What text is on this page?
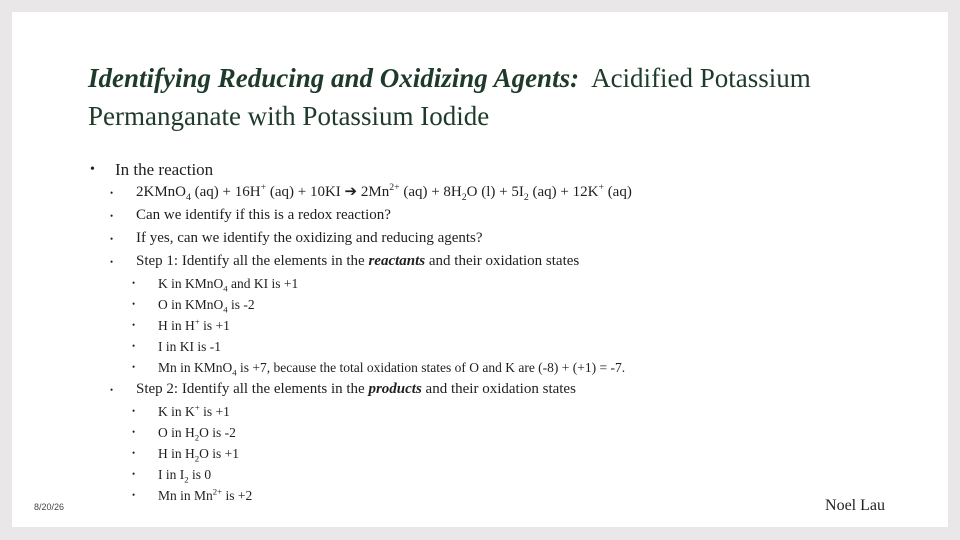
Identifying Reducing and Oxidizing Agents: Acidified Potassium Permanganate with Potassium Iodide
• In the reaction
• 2KMnO$_4$ (aq) + 16H+ (aq) + 10KI ➔ $2Mn^{2+}$ $(aq) + 8H_2O$ $(l) + 5I_2$ (aq) + 12K+ (aq)
• Can we identify if this is a redox reaction?
• If yes, can we identify the oxidizing and reducing agents?
• Step 1: Identify all the elements in the reactants and their oxidation states
• K in KMnO$_4$ and KI is +1
• O in KMnO$_4$ is -2
• H in H+ is +1
• I in KI is -1
• Mn in KMnO$_4$ is +7, because the total oxidation states of O and K are (-8) + (+1) = -7.
• Step 2: Identify all the elements in the products and their oxidation states
• K in K+ is +1
• O in $H_2O$ is -2
• H in $H_2O$ is +1
• I in $I_2$ is 0
• Mn in $Mn^{2+}$ is +2
8/20/26	Noel Lau
